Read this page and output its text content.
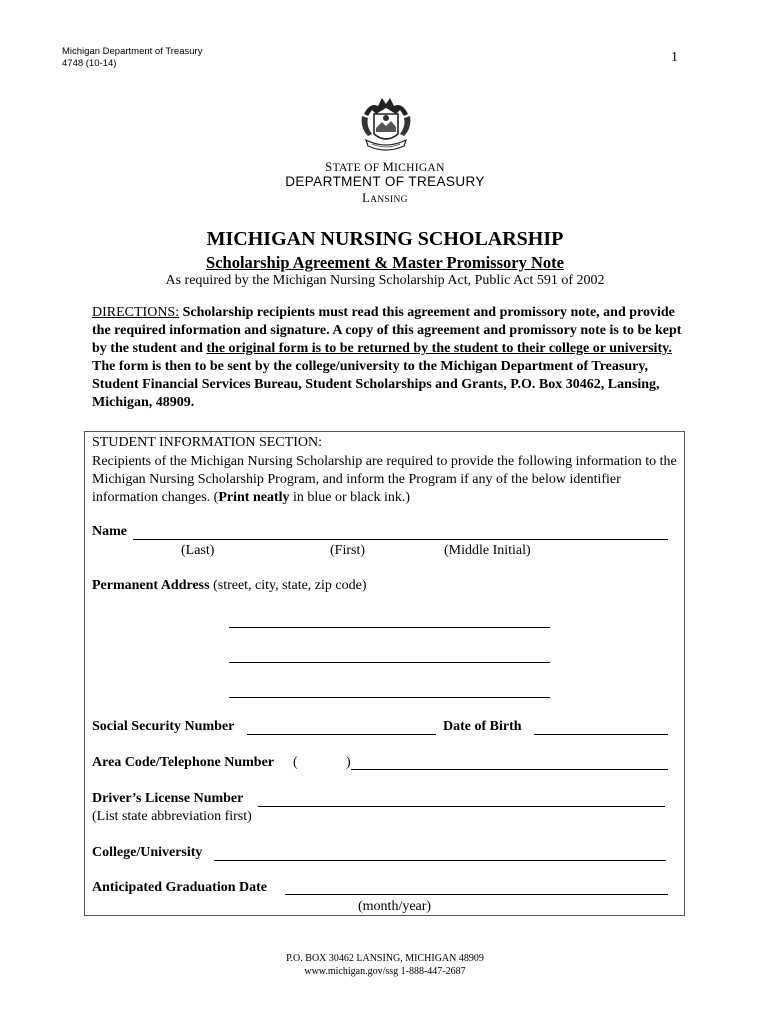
Michigan Department of Treasury
4748 (10-14)	1
STATE OF MICHIGAN
DEPARTMENT OF TREASURY
LANSING
MICHIGAN NURSING SCHOLARSHIP
Scholarship Agreement & Master Promissory Note
As required by the Michigan Nursing Scholarship Act, Public Act 591 of 2002
DIRECTIONS: Scholarship recipients must read this agreement and promissory note, and provide the required information and signature. A copy of this agreement and promissory note is to be kept by the student and the original form is to be returned by the student to their college or university. The form is then to be sent by the college/university to the Michigan Department of Treasury, Student Financial Services Bureau, Student Scholarships and Grants, P.O. Box 30462, Lansing, Michigan, 48909.
STUDENT INFORMATION SECTION:
Recipients of the Michigan Nursing Scholarship are required to provide the following information to the Michigan Nursing Scholarship Program, and inform the Program if any of the below identifier information changes. (Print neatly in blue or black ink.)
Name
(Last)	(First)	(Middle Initial)
Permanent Address (street, city, state, zip code)
Social Security Number	Date of Birth
Area Code/Telephone Number (	)
Driver’s License Number
(List state abbreviation first)
College/University
Anticipated Graduation Date
(month/year)
P.O. BOX 30462 LANSING, MICHIGAN 48909
www.michigan.gov/ssg 1-888-447-2687
